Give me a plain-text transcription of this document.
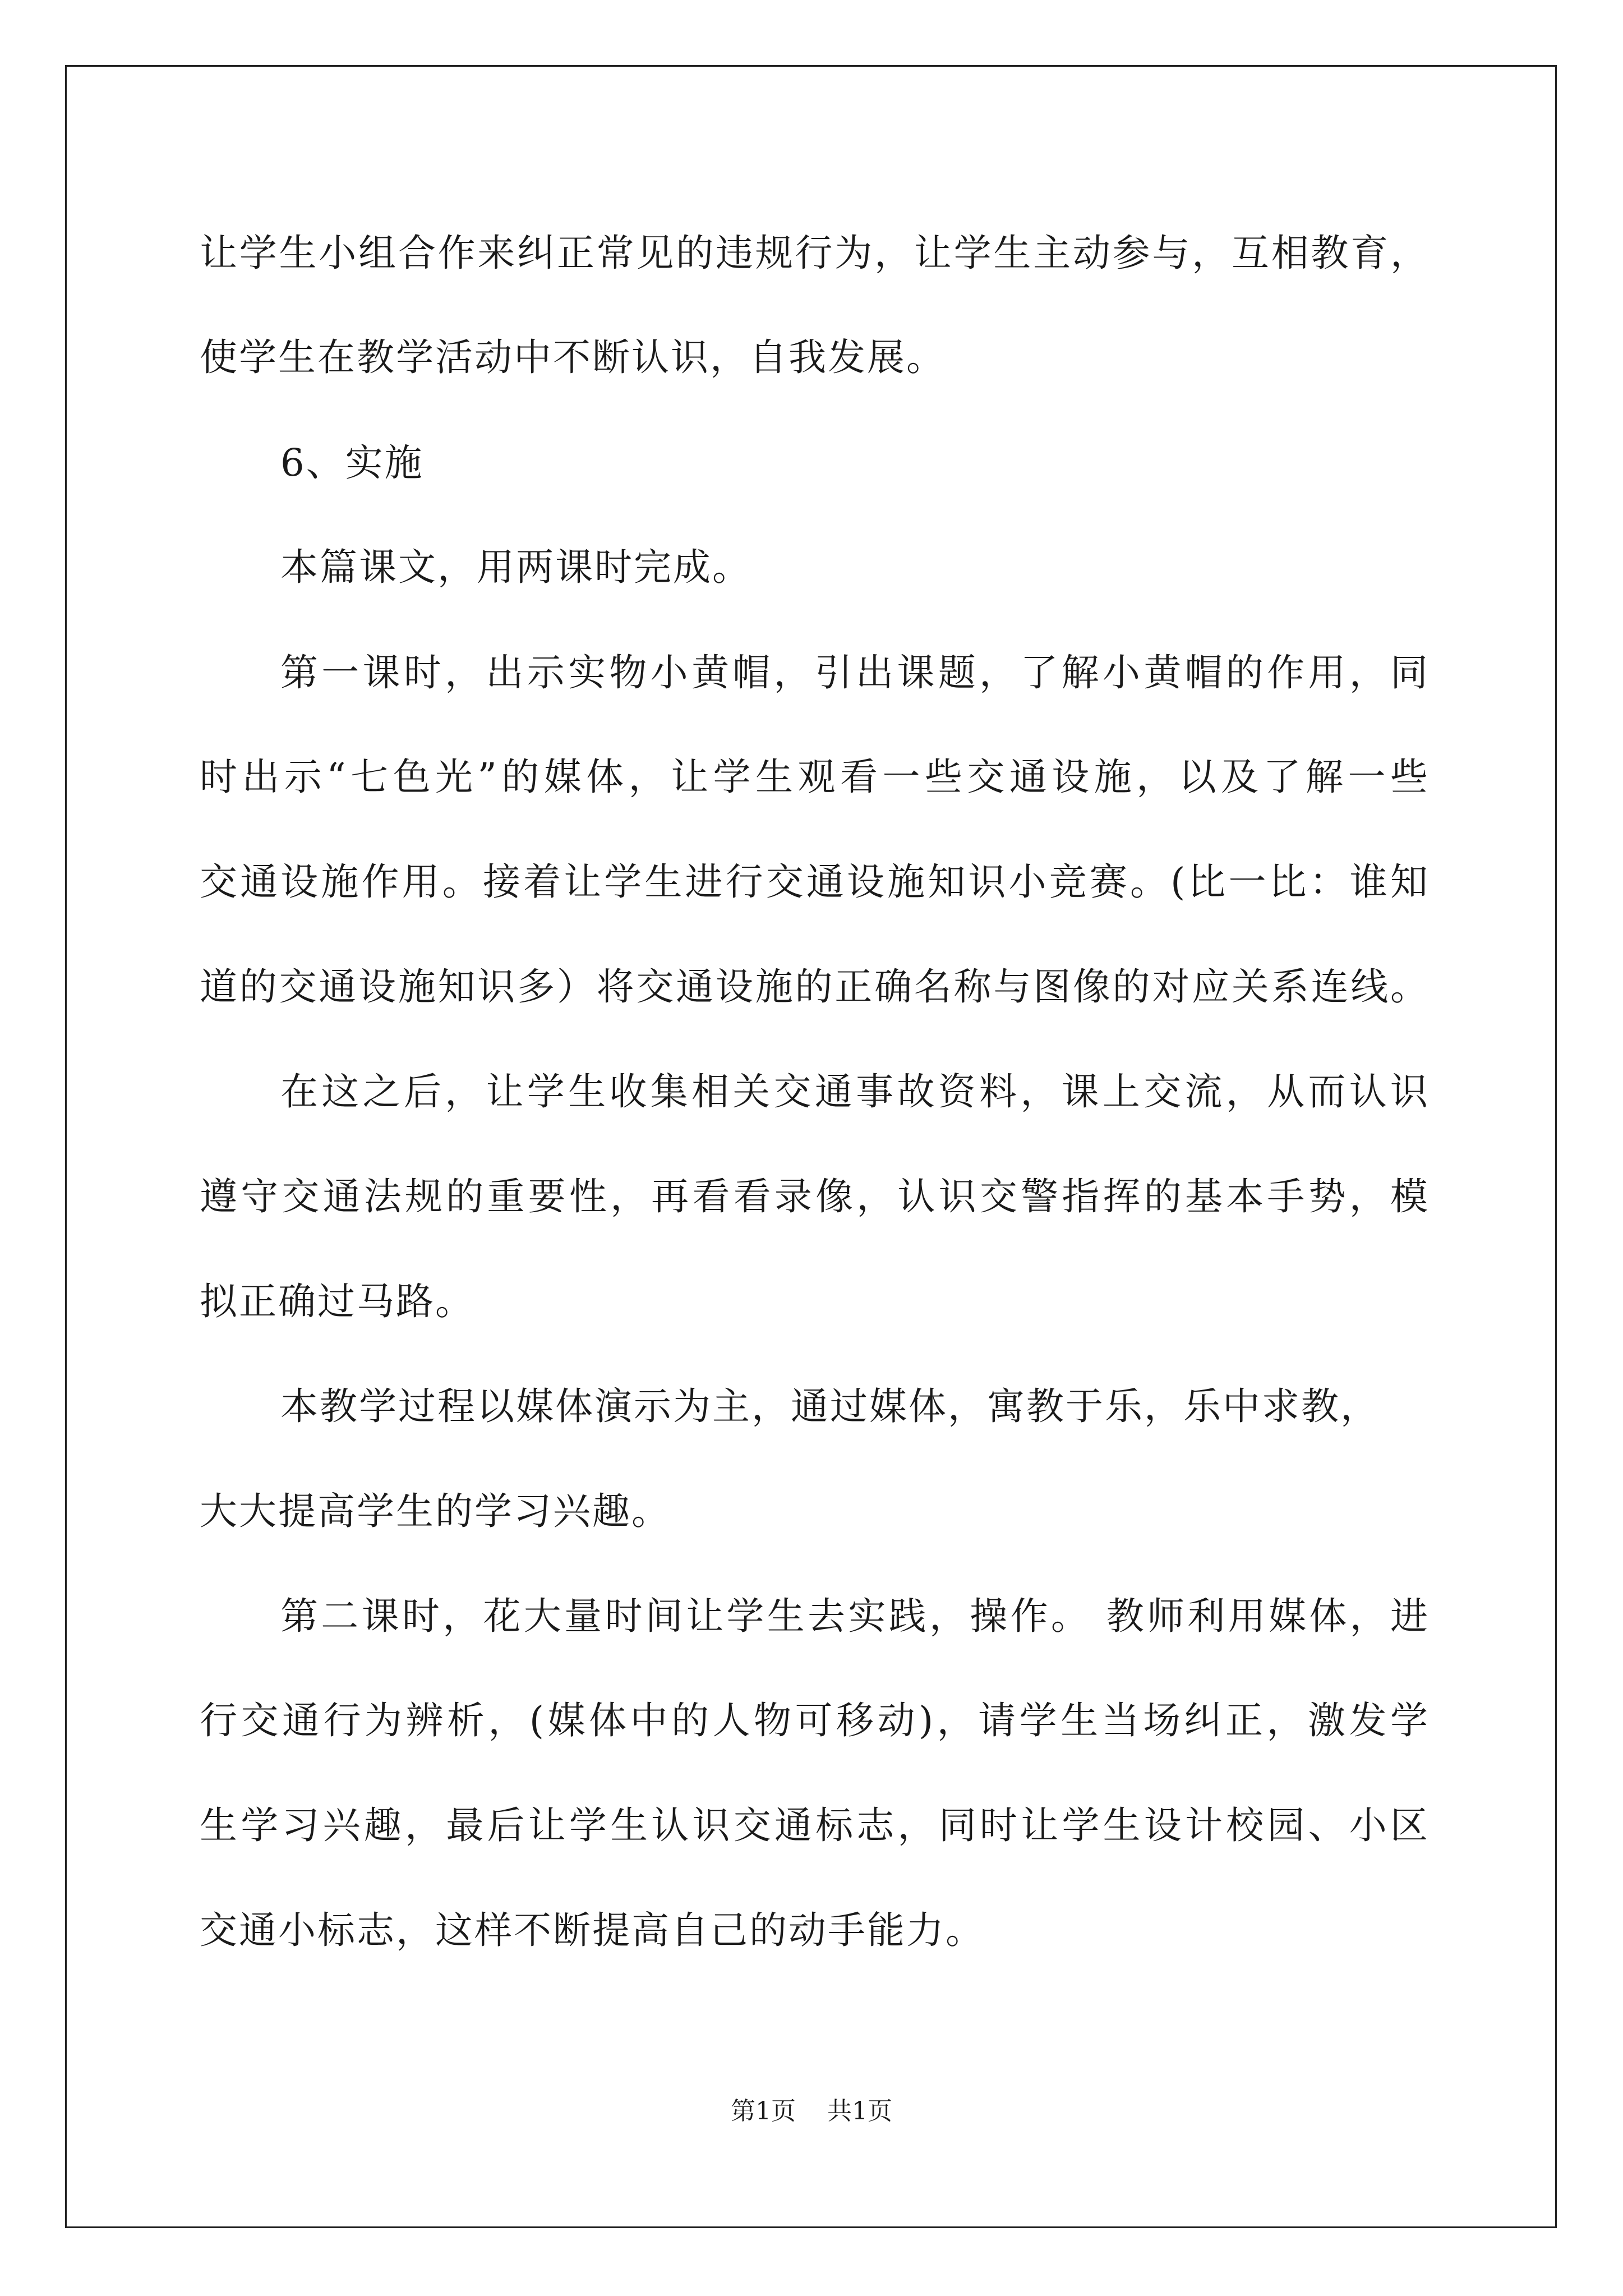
让学生小组合作来纠正常见的违规行为，让学生主动参与，互相教育，
使学生在教学活动中不断认识，自我发展。
6、实施
本篇课文，用两课时完成。
第一课时，出示实物小黄帽，引出课题，了解小黄帽的作用，同
时出示“七色光”的媒体，让学生观看一些交通设施，以及了解一些
交通设施作用。接着让学生进行交通设施知识小竞赛。(比一比：谁知
道的交通设施知识多）将交通设施的正确名称与图像的对应关系连线。
在这之后，让学生收集相关交通事故资料，课上交流，从而认识
遵守交通法规的重要性，再看看录像，认识交警指挥的基本手势，模
拟正确过马路。
本教学过程以媒体演示为主，通过媒体，寓教于乐，乐中求教，
大大提高学生的学习兴趣。
第二课时，花大量时间让学生去实践，操作。 教师利用媒体，进
行交通行为辨析，(媒体中的人物可移动)，请学生当场纠正，激发学
生学习兴趣，最后让学生认识交通标志，同时让学生设计校园、小区
交通小标志，这样不断提高自己的动手能力。
第1页 共1页
